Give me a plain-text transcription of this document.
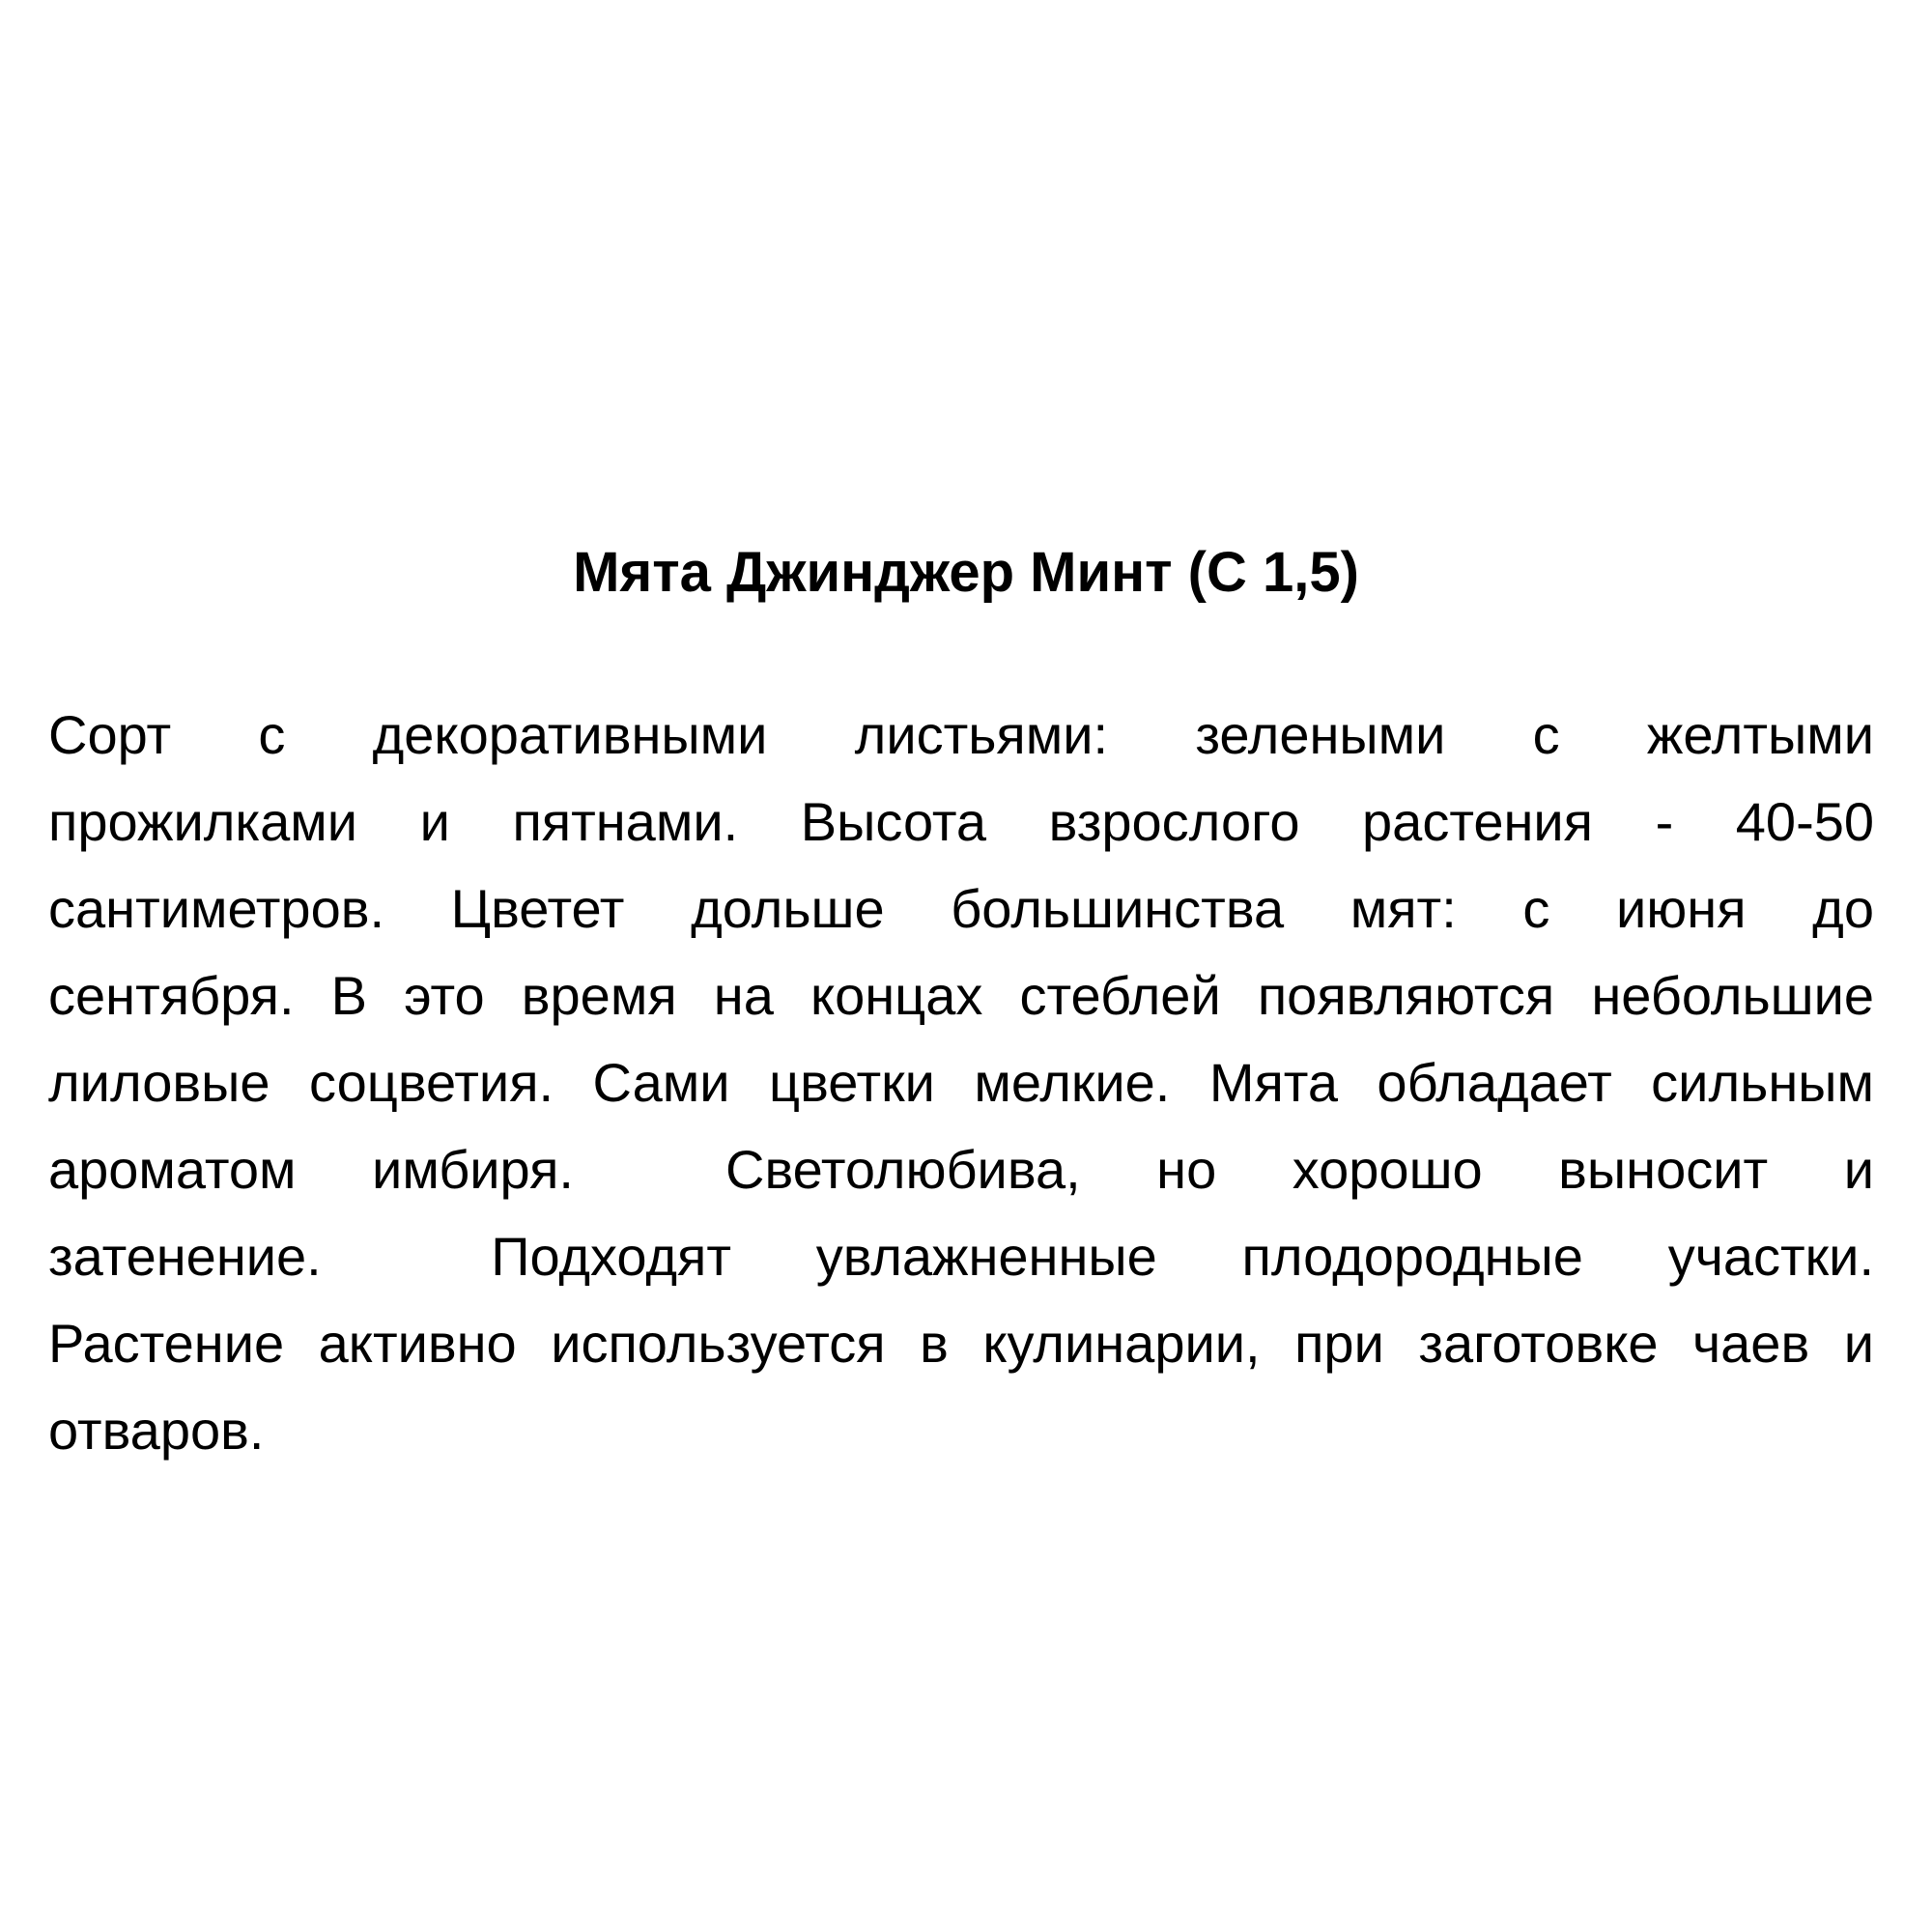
Мята Джинджер Минт (С 1,5)
Сорт с декоративными листьями: зелеными с желтыми
прожилками и пятнами. Высота взрослого растения - 40-50
сантиметров. Цветет дольше большинства мят: с июня до
сентября. В это время на концах стеблей появляются небольшие
лиловые соцветия. Сами цветки мелкие. Мята обладает сильным
ароматом имбиря.  Светолюбива, но хорошо выносит и
затенение.  Подходят увлажненные плодородные участки.
Растение активно используется в кулинарии, при заготовке чаев и
отваров.
